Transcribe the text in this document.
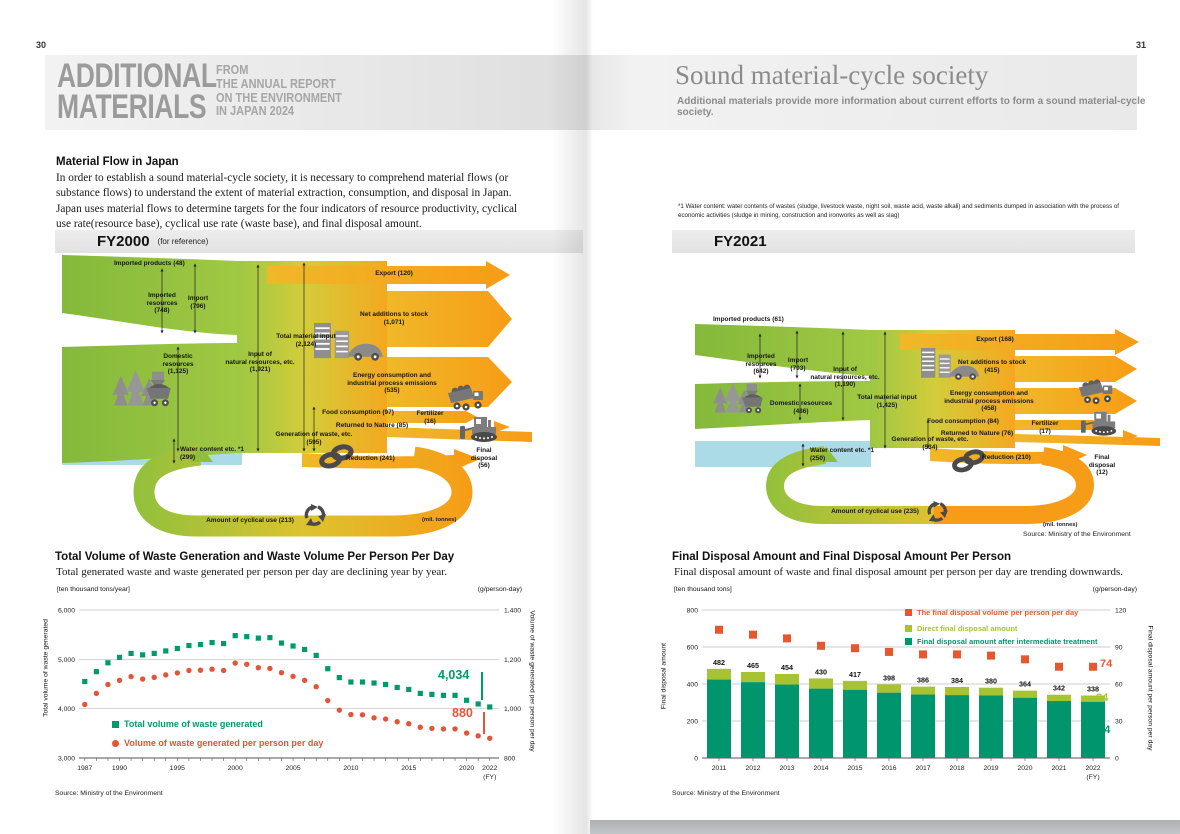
30	31
ADDITIONAL
MATERIALS
FROM
THE ANNUAL REPORT
ON THE ENVIRONMENT
IN JAPAN 2024
Sound material-cycle society
Additional materials provide more information about current efforts to form a sound material-cycle society.
Material Flow in Japan
In order to establish a sound material-cycle society, it is necessary to comprehend material flows (or substance flows) to understand the extent of material extraction, consumption, and disposal in Japan. Japan uses material flows to determine targets for the four indicators of resource productivity, cyclical use rate(resource base), cyclical use rate (waste base), and final disposal amount.
*1 Water content: water contents of wastes (sludge, livestock waste, night soil, waste acid, waste alkali) and sediments dumped in association with the process of economic activities (sludge in mining, construction and ironworks as well as slag)
FY2000 (for reference)	FY2021
Imported products (48)
Imported
resources
(748)
Import
(796)
Domestic
resources
(1,125)
Input of
natural resources, etc.
(1,921)
Total material input
(2,124)
Export (120)
Net additions to stock
(1,071)
Energy consumption and
industrial process emissions
(535)
Food consumption (97)
Returned to Nature (85)
Fertilizer
(16)
Generation of waste, etc.
(595)
Water content etc. *1
(299)	Reduction (241)
Final
disposal
(56)
Amount of cyclical use (213)	(mil. tonnes)
Imported products (61)
Imported
resources
(642)
Import
(703)	Input of
natural resources, etc.
(1,190)
Domestic resources
(486)
Total material input
(1,425)
Export (168)
Net additions to stock
(415)
Energy consumption and
industrial process emissions
(458)
Food consumption (84)	Fertilizer
(17)
Returned to Nature (76)
Generation of waste, etc.
(534)
Water content etc. *1
(250)	Reduction (210)	Final
disposal
(12)
Amount of cyclical use (235)
(mil. tonnes)
Source: Ministry of the Environment
Total Volume of Waste Generation and Waste Volume Per Person Per Day
Total generated waste and waste generated per person per day are declining year by year.
[ten thousand tons/year]	(g/person-day)
3,000
4,000
5,000
6,000
800
1,000
1,200
1,400
1987	1990	1995	2000	2005	2010	2015	2020 2022
(FY)
Total volume of waste generated	Volume of waste generated per person per day
Total volume of waste generated
Volume of waste generated per person per day
4,034
880
Source: Ministry of the Environment
Final Disposal Amount and Final Disposal Amount Per Person
Final disposal amount of waste and final disposal amount per person per day are trending downwards.
[ten thousand tons]	(g/person-day)
0
200
400
600
800
0
30
60
90
120
482
2011
465
2012
454
2013
430
2014
417
2015
398
2016
386
2017
384
2018
380
2019
364
2020
342
2021
338
2022
(FY)
Final disposal amount	Final disposal amount per person per day
The final disposal volume per person per day
Direct final disposal amount
Final disposal amount after intermediate treatment
74
34
304
Source: Ministry of the Environment
